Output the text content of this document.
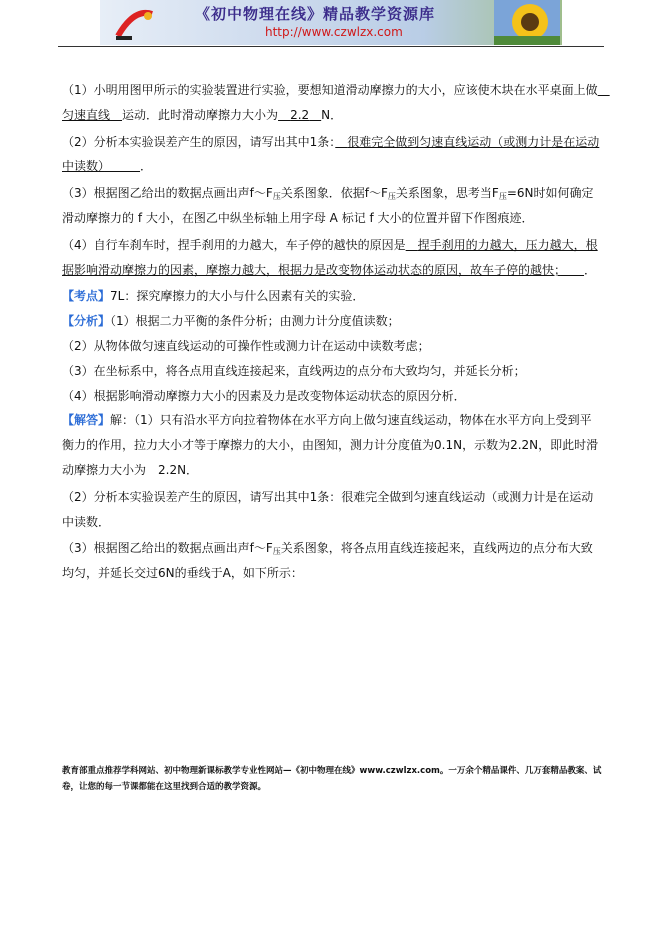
《初中物理在线》精品教学资源库
http://www.czwlzx.com

（1）小明用图甲所示的实验装置进行实验，要想知道滑动摩擦力的大小，应该使木块在水平桌面上做　匀速直线　 运动．此时滑动摩擦力大小为　 2.2　 N．

（2）分析本实验误差产生的原因，请写出其中1条：　 很难完全做到匀速直线运动（或测力计是在运动中读数）　　　	．

（3）根据图乙给出的数据点画出声$f\sim F_压$关系图象．依据$f\sim F_压$关系图象，思考当$F_压=6N$时如何确定滑动摩擦力的 f 大小，在图乙中纵坐标轴上用字母 A 标记 f 大小的位置并留下作图痕迹．

（4）自行车刹车时，捏手刹用的力越大，车子停的越快的原因是　 捏手刹用的力越大，压力越大，根据影响滑动摩擦力的因素，摩擦力越大，根据力是改变物体运动状态的原因，故车子停的越快；　　 ．

【考点】7L：探究摩擦力的大小与什么因素有关的实验．

【分析】（1）根据二力平衡的条件分析；由测力计分度值读数；

（2）从物体做匀速直线运动的可操作性或测力计在运动中读数考虑；

（3）在坐标系中，将各点用直线连接起来，直线两边的点分布大致均匀，并延长分析；

（4）根据影响滑动摩擦力大小的因素及力是改变物体运动状态的原因分析．

【解答】解：（1）只有沿水平方向拉着物体在水平方向上做匀速直线运动，物体在水平方向上受到平衡力的作用，拉力大小才等于摩擦力的大小，由图知，测力计分度值为0.1N，示数为2.2N，即此时滑动摩擦力大小为　2.2N．

（2）分析本实验误差产生的原因，请写出其中1条：很难完全做到匀速直线运动（或测力计是在运动中读数．

（3）根据图乙给出的数据点画出声$f\sim F_压$关系图象，将各点用直线连接起来，直线两边的点分布大致均匀，并延长交过6N的垂线于A，如下所示：

教育部重点推荐学科网站、初中物理新课标教学专业性网站—《初中物理在线》www.czwlzx.com。一万余个精品课件、几万套精品教案、试卷，让您的每一节课都能在这里找到合适的教学资源。
